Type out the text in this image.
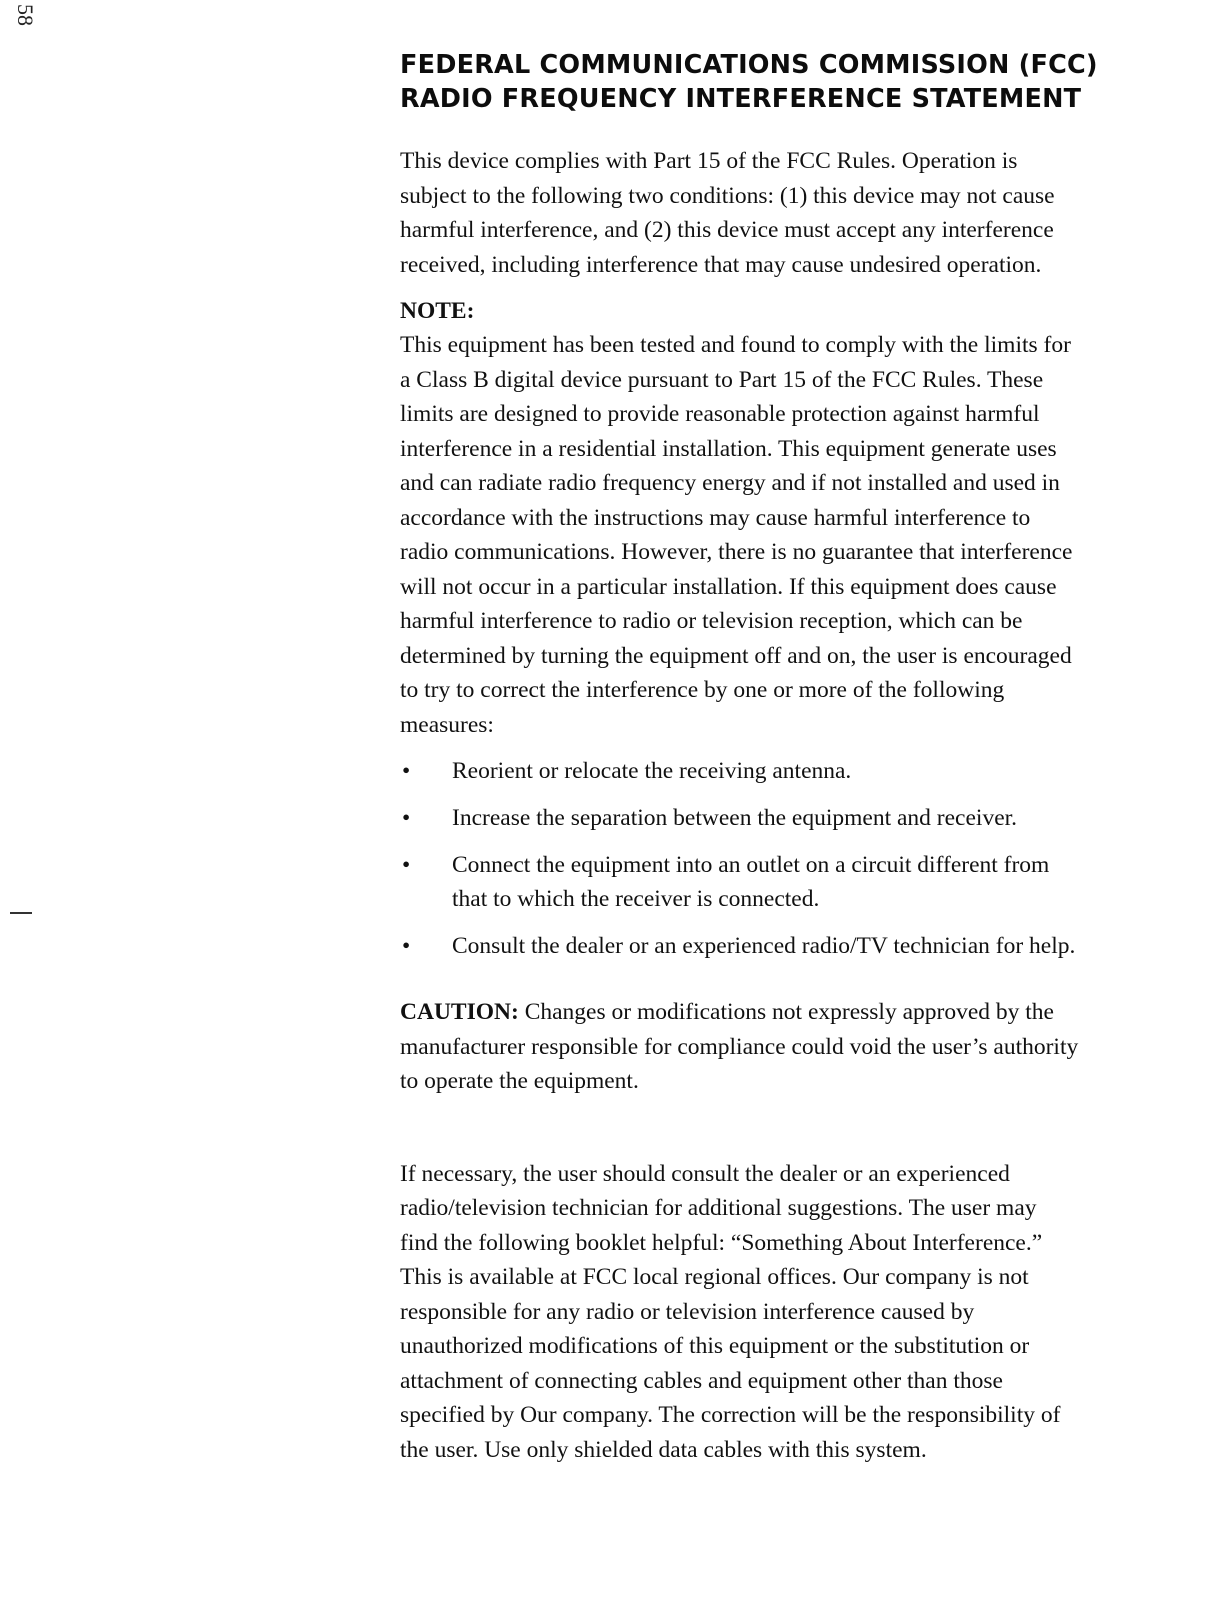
58
FEDERAL COMMUNICATIONS COMMISSION (FCC)
RADIO FREQUENCY INTERFERENCE STATEMENT

This device complies with Part 15 of the FCC Rules. Operation is
subject to the following two conditions: (1) this device may not cause
harmful interference, and (2) this device must accept any interference
received, including interference that may cause undesired operation.

NOTE:

This equipment has been tested and found to comply with the limits for
a Class B digital device pursuant to Part 15 of the FCC Rules. These
limits are designed to provide reasonable protection against harmful
interference in a residential installation. This equipment generate uses
and can radiate radio frequency energy and if not installed and used in
accordance with the instructions may cause harmful interference to
radio communications. However, there is no guarantee that interference
will not occur in a particular installation. If this equipment does cause
harmful interference to radio or television reception, which can be
determined by turning the equipment off and on, the user is encouraged
to try to correct the interference by one or more of the following
measures:

• Reorient or relocate the receiving antenna.
• Increase the separation between the equipment and receiver.
• Connect the equipment into an outlet on a circuit different from
that to which the receiver is connected.
• Consult the dealer or an experienced radio/TV technician for help.

CAUTION: Changes or modifications not expressly approved by the
manufacturer responsible for compliance could void the user’s authority
to operate the equipment.

If necessary, the user should consult the dealer or an experienced
radio/television technician for additional suggestions. The user may
find the following booklet helpful: “Something About Interference.”
This is available at FCC local regional offices. Our company is not
responsible for any radio or television interference caused by
unauthorized modifications of this equipment or the substitution or
attachment of connecting cables and equipment other than those
specified by Our company. The correction will be the responsibility of
the user. Use only shielded data cables with this system.
